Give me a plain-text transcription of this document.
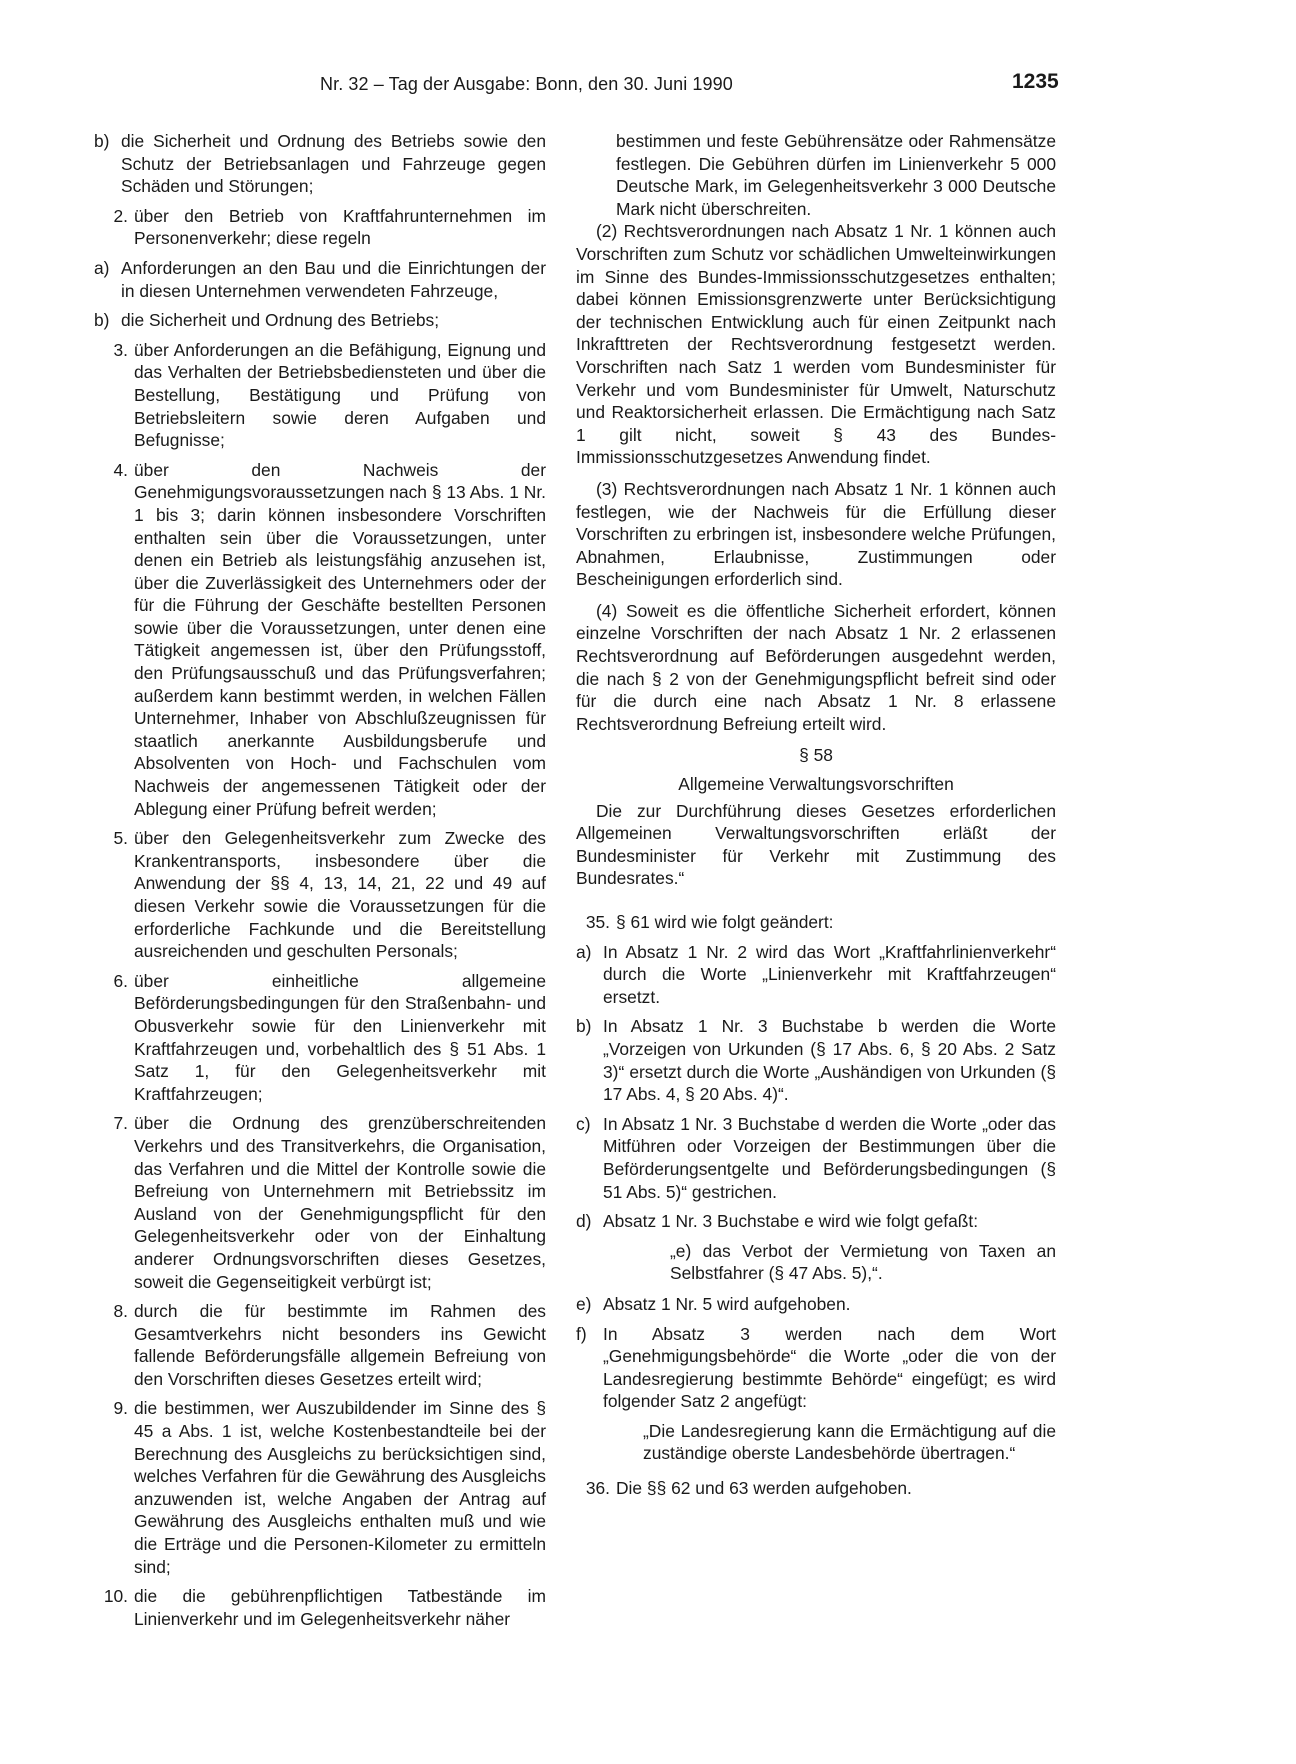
Nr. 32 – Tag der Ausgabe: Bonn, den 30. Juni 1990	1235
b) die Sicherheit und Ordnung des Betriebs sowie den Schutz der Betriebsanlagen und Fahrzeuge gegen Schäden und Störungen;
2. über den Betrieb von Kraftfahrunternehmen im Personenverkehr; diese regeln
a) Anforderungen an den Bau und die Einrichtungen der in diesen Unternehmen verwendeten Fahrzeuge,
b) die Sicherheit und Ordnung des Betriebs;
3. über Anforderungen an die Befähigung, Eignung und das Verhalten der Betriebsbediensteten und über die Bestellung, Bestätigung und Prüfung von Betriebsleitern sowie deren Aufgaben und Befugnisse;
4. über den Nachweis der Genehmigungsvoraussetzungen nach § 13 Abs. 1 Nr. 1 bis 3; darin können insbesondere Vorschriften enthalten sein über die Voraussetzungen, unter denen ein Betrieb als leistungsfähig anzusehen ist, über die Zuverlässigkeit des Unternehmers oder der für die Führung der Geschäfte bestellten Personen sowie über die Voraussetzungen, unter denen eine Tätigkeit angemessen ist, über den Prüfungsstoff, den Prüfungsausschuß und das Prüfungsverfahren; außerdem kann bestimmt werden, in welchen Fällen Unternehmer, Inhaber von Abschlußzeugnissen für staatlich anerkannte Ausbildungsberufe und Absolventen von Hoch- und Fachschulen vom Nachweis der angemessenen Tätigkeit oder der Ablegung einer Prüfung befreit werden;
5. über den Gelegenheitsverkehr zum Zwecke des Krankentransports, insbesondere über die Anwendung der §§ 4, 13, 14, 21, 22 und 49 auf diesen Verkehr sowie die Voraussetzungen für die erforderliche Fachkunde und die Bereitstellung ausreichenden und geschulten Personals;
6. über einheitliche allgemeine Beförderungsbedingungen für den Straßenbahn- und Obusverkehr sowie für den Linienverkehr mit Kraftfahrzeugen und, vorbehaltlich des § 51 Abs. 1 Satz 1, für den Gelegenheitsverkehr mit Kraftfahrzeugen;
7. über die Ordnung des grenzüberschreitenden Verkehrs und des Transitverkehrs, die Organisation, das Verfahren und die Mittel der Kontrolle sowie die Befreiung von Unternehmern mit Betriebssitz im Ausland von der Genehmigungspflicht für den Gelegenheitsverkehr oder von der Einhaltung anderer Ordnungsvorschriften dieses Gesetzes, soweit die Gegenseitigkeit verbürgt ist;
8. durch die für bestimmte im Rahmen des Gesamtverkehrs nicht besonders ins Gewicht fallende Beförderungsfälle allgemein Befreiung von den Vorschriften dieses Gesetzes erteilt wird;
9. die bestimmen, wer Auszubildender im Sinne des § 45 a Abs. 1 ist, welche Kostenbestandteile bei der Berechnung des Ausgleichs zu berücksichtigen sind, welches Verfahren für die Gewährung des Ausgleichs anzuwenden ist, welche Angaben der Antrag auf Gewährung des Ausgleichs enthalten muß und wie die Erträge und die Personen-Kilometer zu ermitteln sind;
10. die die gebührenpflichtigen Tatbestände im Linienverkehr und im Gelegenheitsverkehr näher
bestimmen und feste Gebührensätze oder Rahmensätze festlegen. Die Gebühren dürfen im Linienverkehr 5 000 Deutsche Mark, im Gelegenheitsverkehr 3 000 Deutsche Mark nicht überschreiten.
(2) Rechtsverordnungen nach Absatz 1 Nr. 1 können auch Vorschriften zum Schutz vor schädlichen Umwelteinwirkungen im Sinne des Bundes-Immissionsschutzgesetzes enthalten; dabei können Emissionsgrenzwerte unter Berücksichtigung der technischen Entwicklung auch für einen Zeitpunkt nach Inkrafttreten der Rechtsverordnung festgesetzt werden. Vorschriften nach Satz 1 werden vom Bundesminister für Verkehr und vom Bundesminister für Umwelt, Naturschutz und Reaktorsicherheit erlassen. Die Ermächtigung nach Satz 1 gilt nicht, soweit § 43 des Bundes-Immissionsschutzgesetzes Anwendung findet.
(3) Rechtsverordnungen nach Absatz 1 Nr. 1 können auch festlegen, wie der Nachweis für die Erfüllung dieser Vorschriften zu erbringen ist, insbesondere welche Prüfungen, Abnahmen, Erlaubnisse, Zustimmungen oder Bescheinigungen erforderlich sind.
(4) Soweit es die öffentliche Sicherheit erfordert, können einzelne Vorschriften der nach Absatz 1 Nr. 2 erlassenen Rechtsverordnung auf Beförderungen ausgedehnt werden, die nach § 2 von der Genehmigungspflicht befreit sind oder für die durch eine nach Absatz 1 Nr. 8 erlassene Rechtsverordnung Befreiung erteilt wird.
§ 58
Allgemeine Verwaltungsvorschriften
Die zur Durchführung dieses Gesetzes erforderlichen Allgemeinen Verwaltungsvorschriften erläßt der Bundesminister für Verkehr mit Zustimmung des Bundesrates.“
35. § 61 wird wie folgt geändert:
a) In Absatz 1 Nr. 2 wird das Wort „Kraftfahrlinienverkehr“ durch die Worte „Linienverkehr mit Kraftfahrzeugen“ ersetzt.
b) In Absatz 1 Nr. 3 Buchstabe b werden die Worte „Vorzeigen von Urkunden (§ 17 Abs. 6, § 20 Abs. 2 Satz 3)“ ersetzt durch die Worte „Aushändigen von Urkunden (§ 17 Abs. 4, § 20 Abs. 4)“.
c) In Absatz 1 Nr. 3 Buchstabe d werden die Worte „oder das Mitführen oder Vorzeigen der Bestimmungen über die Beförderungsentgelte und Beförderungsbedingungen (§ 51 Abs. 5)“ gestrichen.
d) Absatz 1 Nr. 3 Buchstabe e wird wie folgt gefaßt:
„e) das Verbot der Vermietung von Taxen an Selbstfahrer (§ 47 Abs. 5),“.
e) Absatz 1 Nr. 5 wird aufgehoben.
f) In Absatz 3 werden nach dem Wort „Genehmigungsbehörde“ die Worte „oder die von der Landesregierung bestimmte Behörde“ eingefügt; es wird folgender Satz 2 angefügt:
„Die Landesregierung kann die Ermächtigung auf die zuständige oberste Landesbehörde übertragen.“
36. Die §§ 62 und 63 werden aufgehoben.
